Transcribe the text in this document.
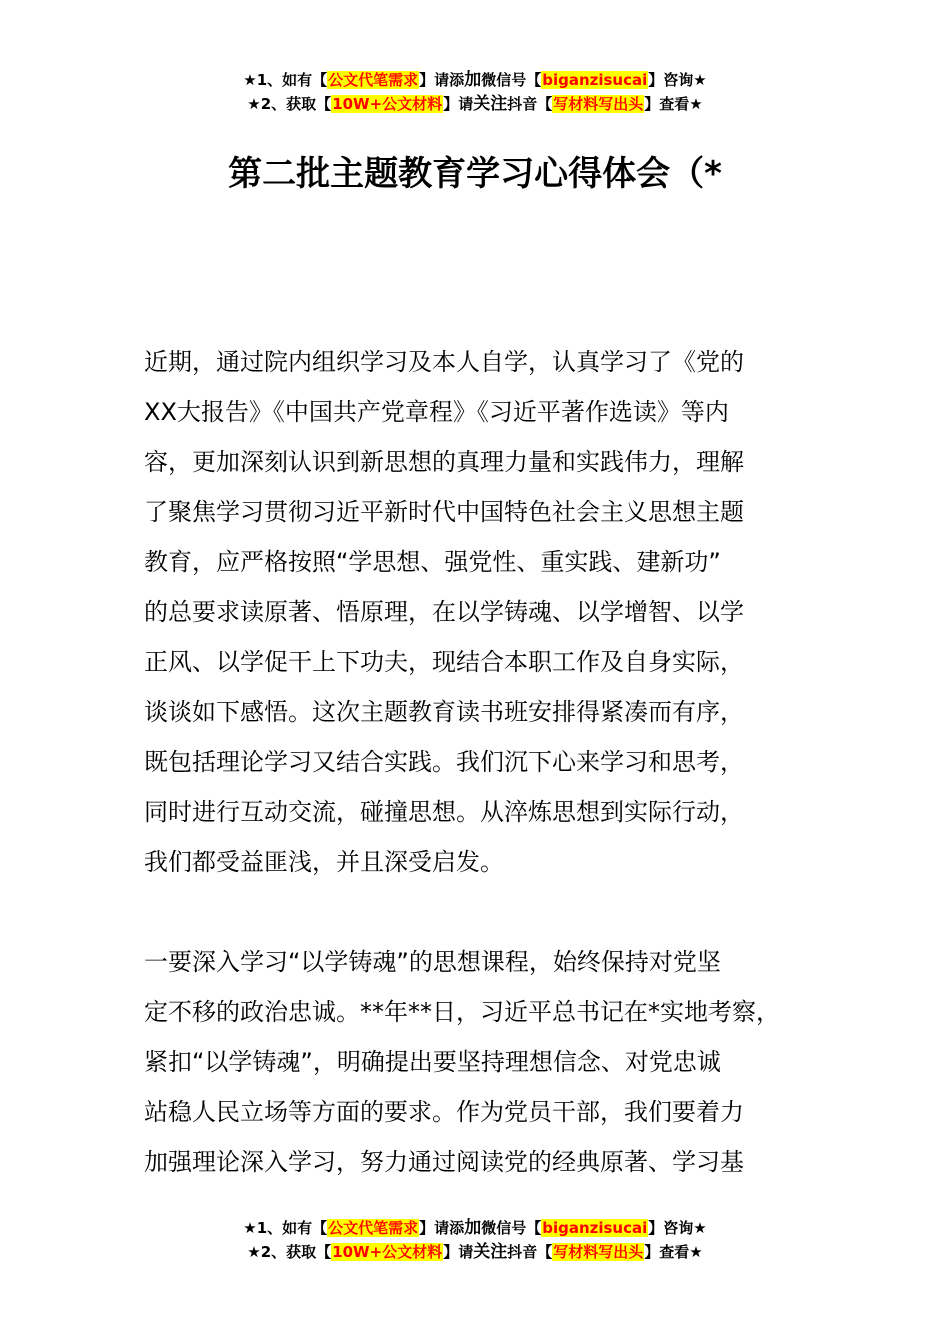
★1、如有【公文代笔需求】请添加微信号【biganzisucai】咨询★
★2、获取【10W+公文材料】请关注抖音【写材料写出头】查看★
第二批主题教育学习心得体会（*

近期，通过院内组织学习及本人自学，认真学习了《党的
XX大报告》《中国共产党章程》《习近平著作选读》等内
容，更加深刻认识到新思想的真理力量和实践伟力，理解
了聚焦学习贯彻习近平新时代中国特色社会主义思想主题
教育，应严格按照“学思想、强党性、重实践、建新功”
的总要求读原著、悟原理，在以学铸魂、以学增智、以学
正风、以学促干上下功夫，现结合本职工作及自身实际，
谈谈如下感悟。这次主题教育读书班安排得紧凑而有序，
既包括理论学习又结合实践。我们沉下心来学习和思考，
同时进行互动交流，碰撞思想。从淬炼思想到实际行动，
我们都受益匪浅，并且深受启发。

一要深入学习“以学铸魂”的思想课程，始终保持对党坚
定不移的政治忠诚。**年**日，习近平总书记在*实地考察，
紧扣“以学铸魂”，明确提出要坚持理想信念、对党忠诚
站稳人民立场等方面的要求。作为党员干部，我们要着力
加强理论深入学习，努力通过阅读党的经典原著、学习基

★1、如有【公文代笔需求】请添加微信号【biganzisucai】咨询★
★2、获取【10W+公文材料】请关注抖音【写材料写出头】查看★
